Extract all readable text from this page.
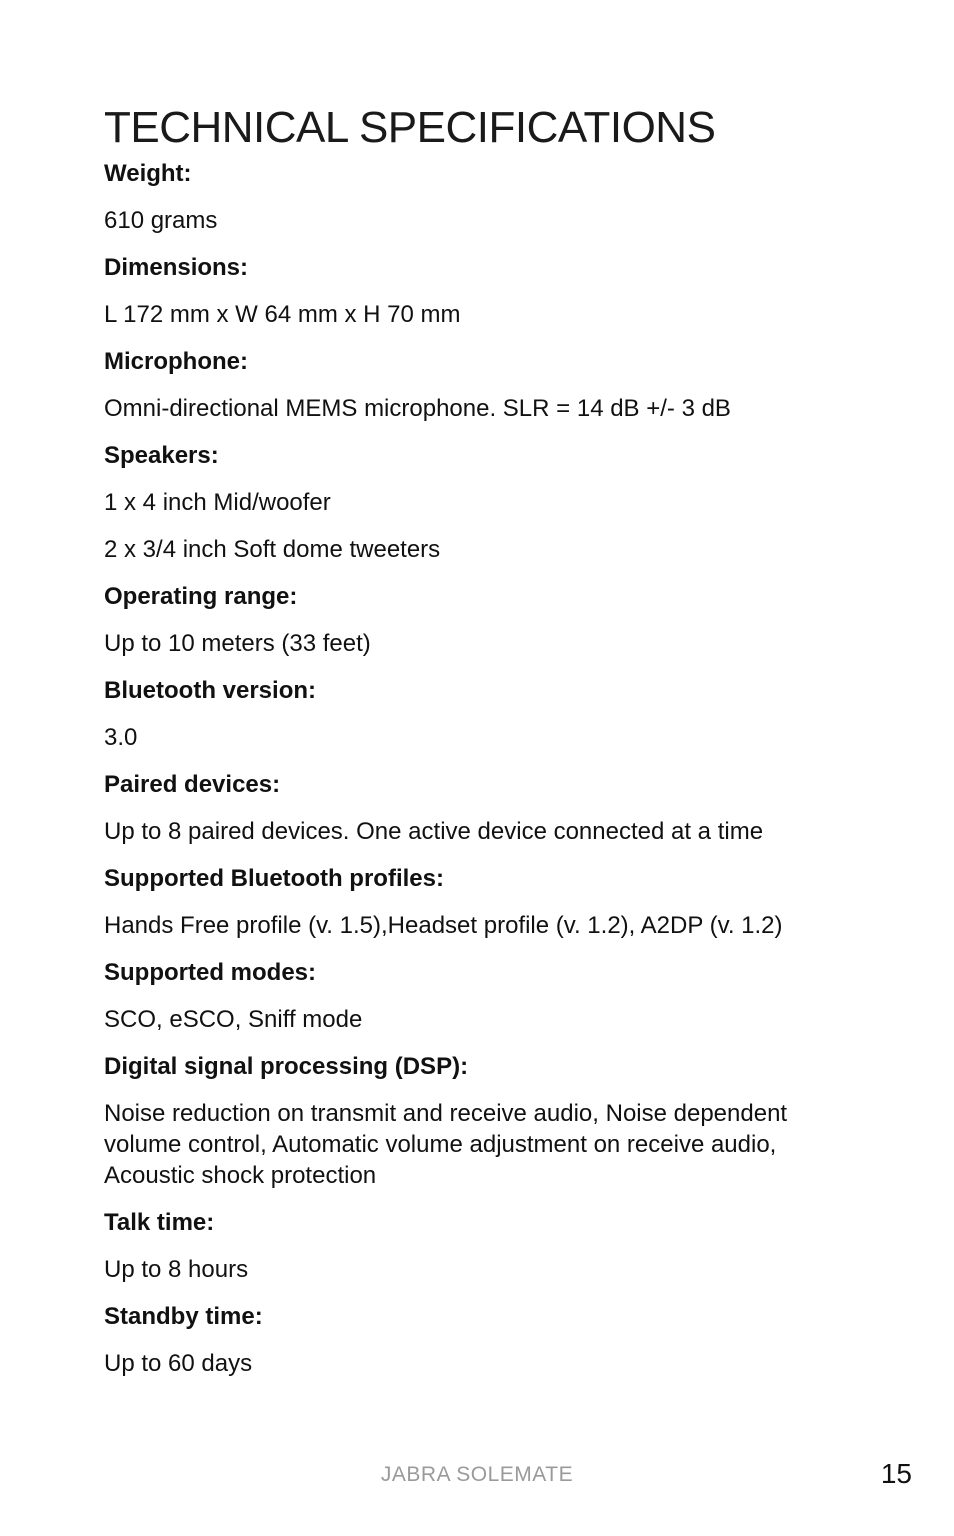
TECHNICAL SPECIFICATIONS
Weight:
610 grams
Dimensions:
L 172 mm x W 64 mm x H 70 mm
Microphone:
Omni-directional MEMS microphone. SLR = 14 dB +/- 3 dB
Speakers:
1 x 4 inch Mid/woofer
2 x 3/4 inch Soft dome tweeters
Operating range:
Up to 10 meters (33 feet)
Bluetooth version:
3.0
Paired devices:
Up to 8 paired devices. One active device connected at a time
Supported Bluetooth profiles:
Hands Free profile (v. 1.5),Headset profile (v. 1.2), A2DP (v. 1.2)
Supported modes:
SCO, eSCO, Sniff mode
Digital signal processing (DSP):
Noise reduction on transmit and receive audio, Noise dependent volume control, Automatic volume adjustment on receive audio, Acoustic shock protection
Talk time:
Up to 8 hours
Standby time:
Up to 60 days
JABRA SOLEMATE	15
